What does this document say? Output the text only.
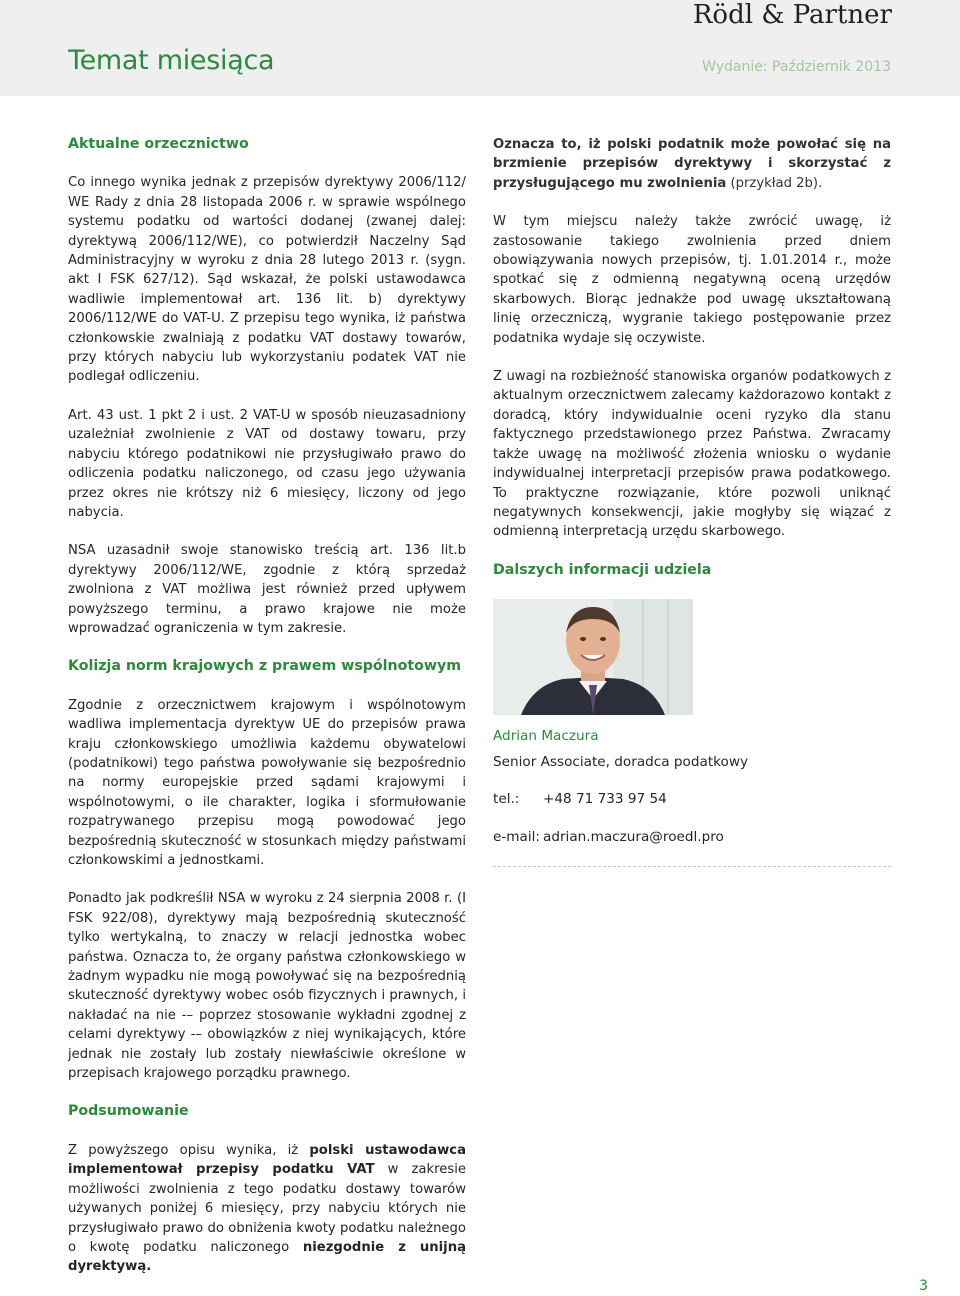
Rödl & Partner
Temat miesiąca	Wydanie: Październik 2013
Aktualne orzecznictwo

Co innego wynika jednak z przepisów dyrektywy 2006/112/ WE Rady z dnia 28 listopada 2006 r. w sprawie wspólnego systemu podatku od wartości dodanej (zwanej dalej: dyrektywą 2006/112/WE), co potwierdził Naczelny Sąd Administracyjny w wyroku z dnia 28 lutego 2013 r. (sygn. akt I FSK 627/12). Sąd wskazał, że polski ustawodawca wadliwie implementował art. 136 lit. b) dyrektywy 2006/112/WE do VAT-U. Z przepisu tego wynika, iż państwa członkowskie zwalniają z podatku VAT dostawy towarów, przy których nabyciu lub wykorzystaniu podatek VAT nie podlegał odliczeniu.

Art. 43 ust. 1 pkt 2 i ust. 2 VAT-U w sposób nieuzasadniony uzależniał zwolnienie z VAT od dostawy towaru, przy nabyciu którego podatnikowi nie przysługiwało prawo do odliczenia podatku naliczonego, od czasu jego używania przez okres nie krótszy niż 6 miesięcy, liczony od jego nabycia.

NSA uzasadnił swoje stanowisko treścią art. 136 lit.b dyrektywy 2006/112/WE, zgodnie z którą sprzedaż zwolniona z VAT możliwa jest również przed upływem powyższego terminu, a prawo krajowe nie może wprowadzać ograniczenia w tym zakresie.

Kolizja norm krajowych z prawem wspólnotowym

Zgodnie z orzecznictwem krajowym i wspólnotowym wadliwa implementacja dyrektyw UE do przepisów prawa kraju członkowskiego umożliwia każdemu obywatelowi (podatnikowi) tego państwa powoływanie się bezpośrednio na normy europejskie przed sądami krajowymi i wspólnotowymi, o ile charakter, logika i sformułowanie rozpatrywanego przepisu mogą powodować jego bezpośrednią skuteczność w stosunkach między państwami członkowskimi a jednostkami.

Ponadto jak podkreślił NSA w wyroku z 24 sierpnia 2008 r. (I FSK 922/08), dyrektywy mają bezpośrednią skuteczność tylko wertykalną, to znaczy w relacji jednostka wobec państwa. Oznacza to, że organy państwa członkowskiego w żadnym wypadku nie mogą powoływać się na bezpośrednią skuteczność dyrektywy wobec osób fizycznych i prawnych, i nakładać na nie -– poprzez stosowanie wykładni zgodnej z celami dyrektywy -– obowiązków z niej wynikających, które jednak nie zostały lub zostały niewłaściwie określone w przepisach krajowego porządku prawnego.

Podsumowanie

Z powyższego opisu wynika, iż polski ustawodawca implementował przepisy podatku VAT w zakresie możliwości zwolnienia z tego podatku dostawy towarów używanych poniżej 6 miesięcy, przy nabyciu których nie przysługiwało prawo do obniżenia kwoty podatku należnego o kwotę podatku naliczonego niezgodnie z unijną dyrektywą.

Oznacza to, iż polski podatnik może powołać się na brzmienie przepisów dyrektywy i skorzystać z przysługującego mu zwolnienia (przykład 2b).

W tym miejscu należy także zwrócić uwagę, iż zastosowanie takiego zwolnienia przed dniem obowiązywania nowych przepisów, tj. 1.01.2014 r., może spotkać się z odmienną negatywną oceną urzędów skarbowych. Biorąc jednakże pod uwagę ukształtowaną linię orzeczniczą, wygranie takiego postępowanie przez podatnika wydaje się oczywiste.

Z uwagi na rozbieżność stanowiska organów podatkowych z aktualnym orzecznictwem zalecamy każdorazowo kontakt z doradcą, który indywidualnie oceni ryzyko dla stanu faktycznego przedstawionego przez Państwa. Zwracamy także uwagę na możliwość złożenia wniosku o wydanie indywidualnej interpretacji przepisów prawa podatkowego. To praktyczne rozwiązanie, które pozwoli uniknąć negatywnych konsekwencji, jakie mogłyby się wiązać z odmienną interpretacją urzędu skarbowego.

Dalszych informacji udziela
Adrian Maczura

Senior Associate, doradca podatkowy

tel.: +48 71 733 97 54

e-mail: adrian.maczura@roedl.pro

3
